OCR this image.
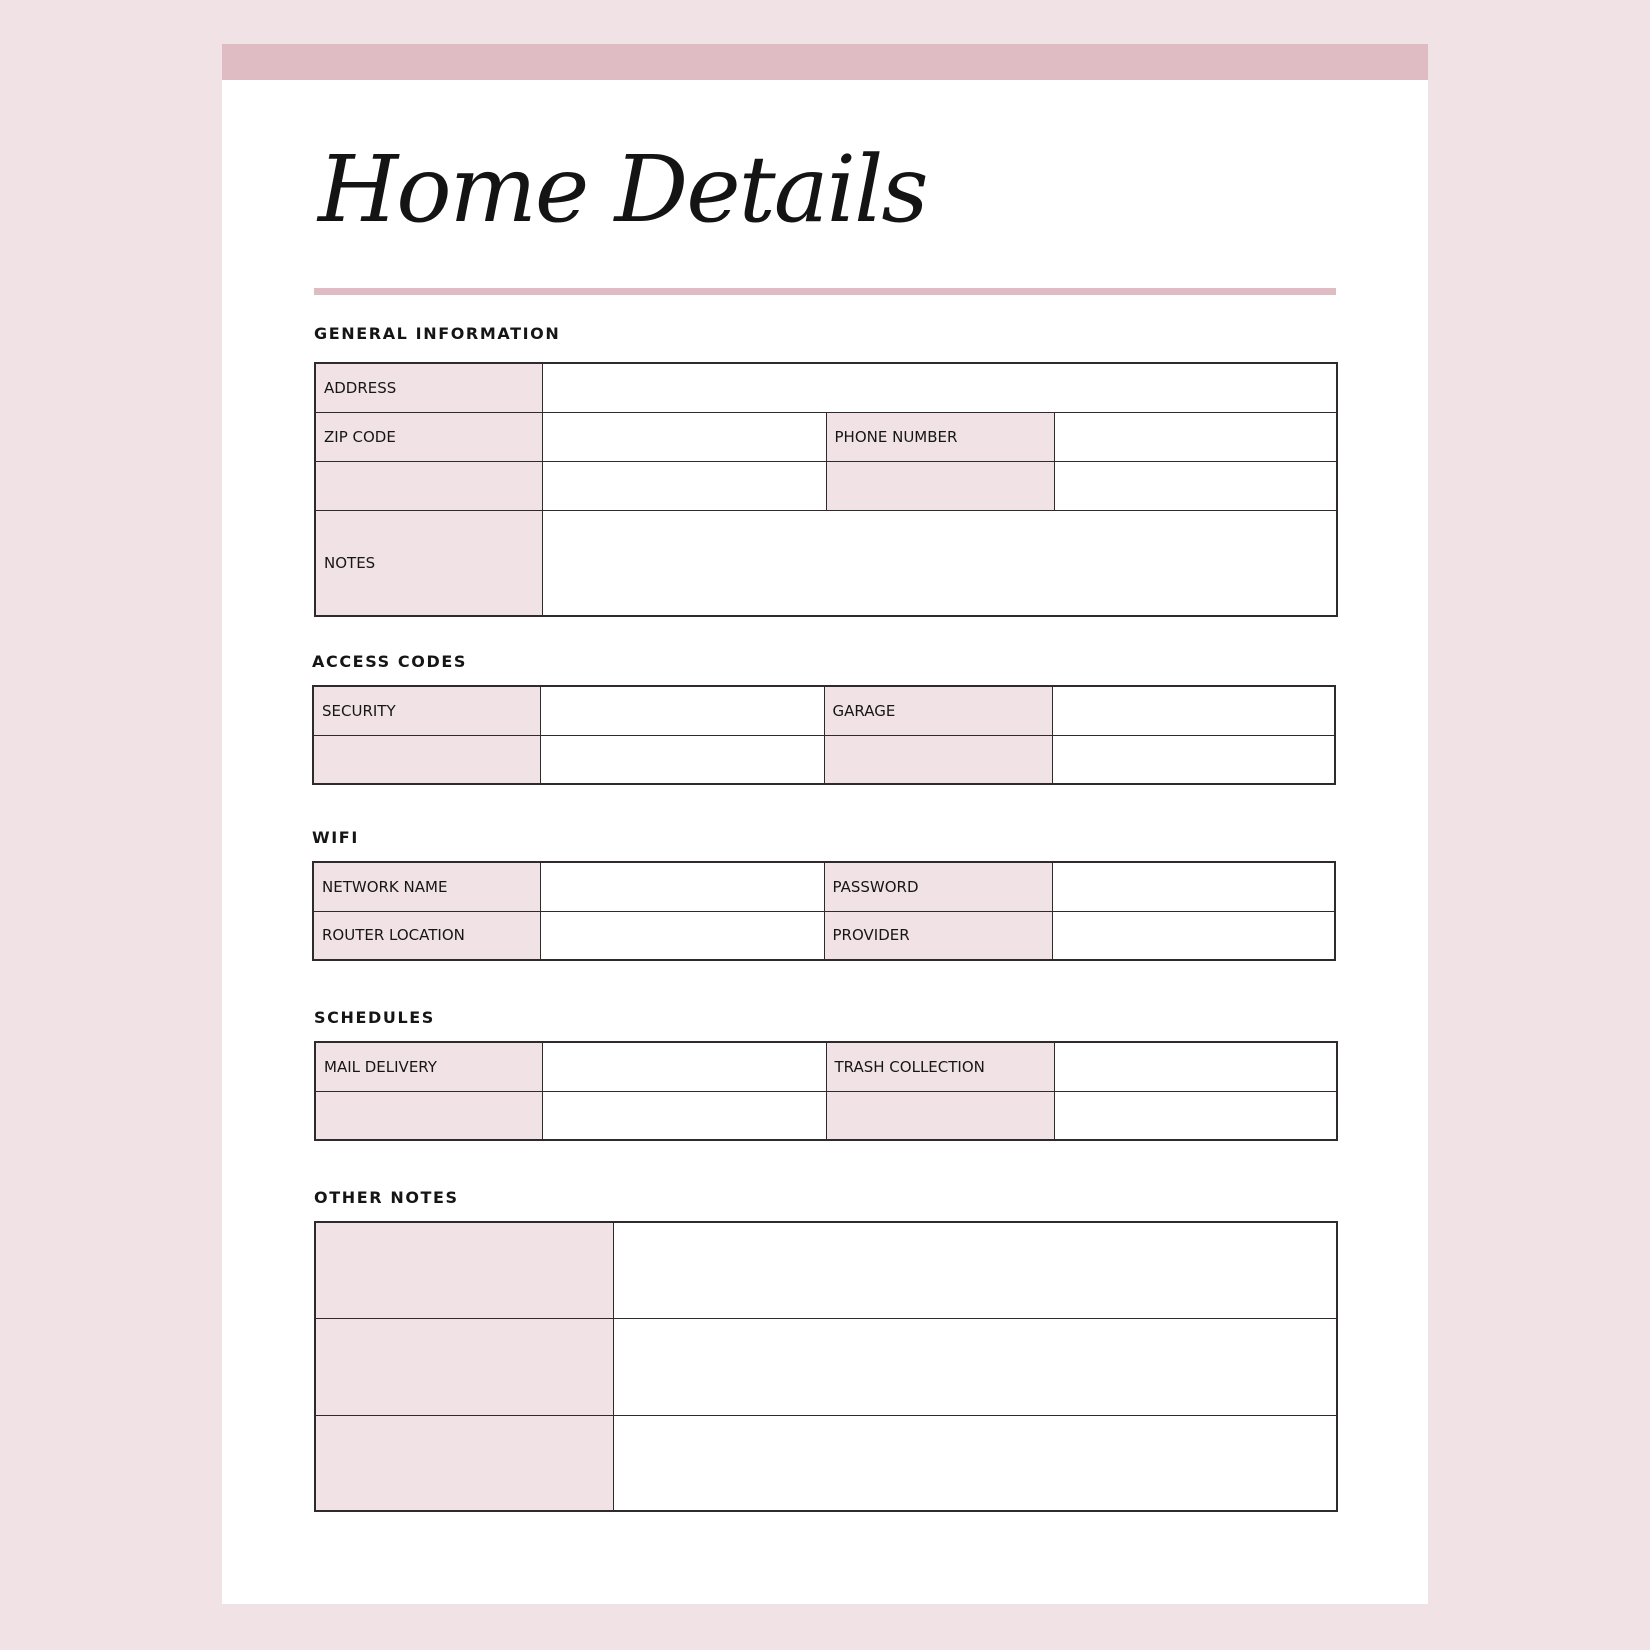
Home Details
GENERAL INFORMATION
ADDRESS			
ZIP CODE		PHONE NUMBER	

NOTES			
ACCESS CODES
SECURITY		GARAGE	

WIFI
NETWORK NAME		PASSWORD	
ROUTER LOCATION		PROVIDER	
SCHEDULES
MAIL DELIVERY		TRASH COLLECTION	

OTHER NOTES
